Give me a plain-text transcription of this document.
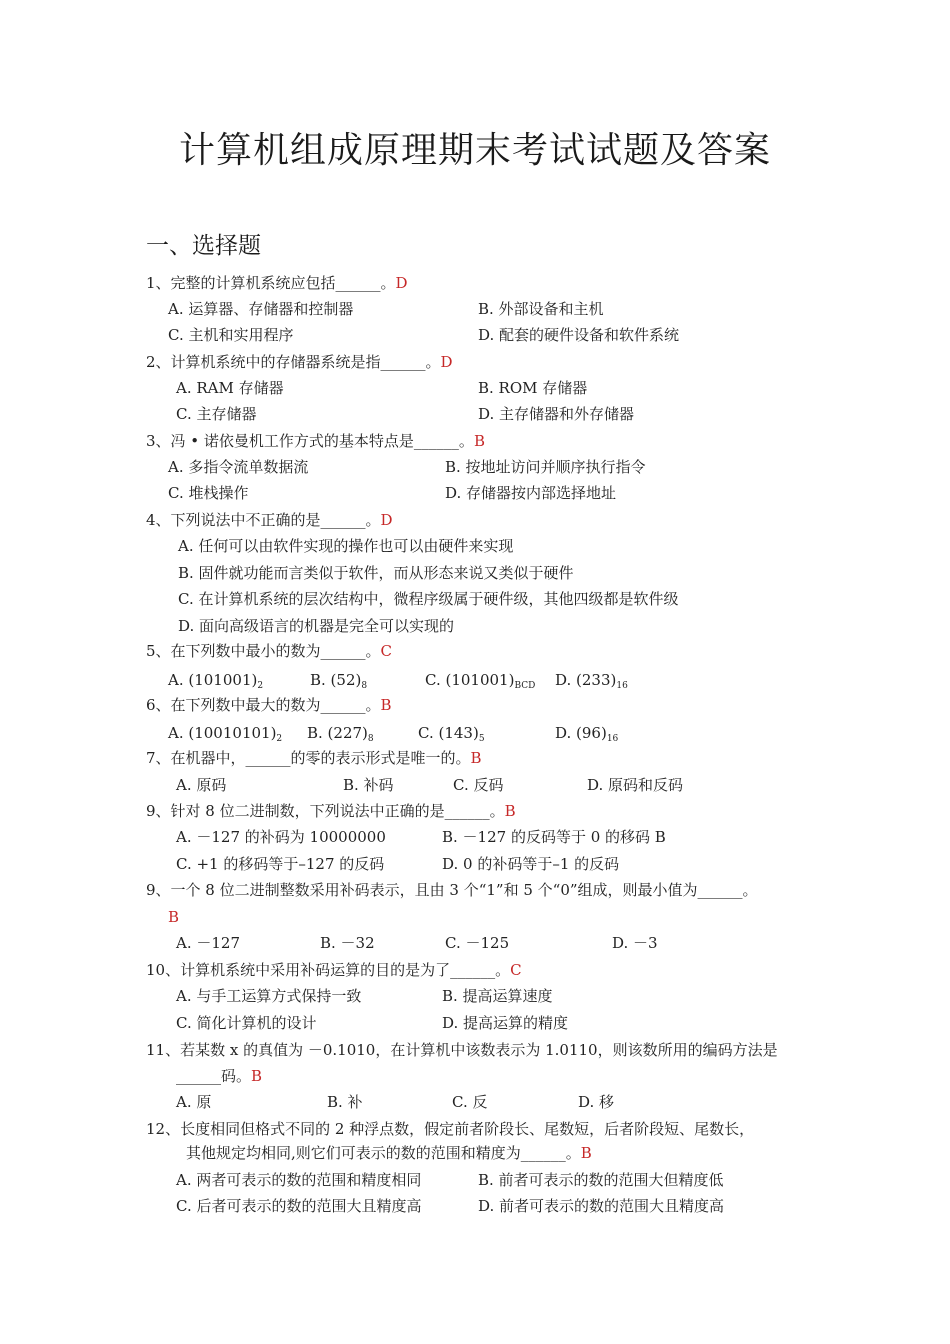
计算机组成原理期末考试试题及答案
一、选择题
1、完整的计算机系统应包括______。D
A. 运算器、存储器和控制器	B. 外部设备和主机
C. 主机和实用程序	D. 配套的硬件设备和软件系统
2、计算机系统中的存储器系统是指______。D
A. RAM 存储器	B. ROM 存储器
C. 主存储器	D. 主存储器和外存储器
3、冯 • 诺依曼机工作方式的基本特点是______。B
A. 多指令流单数据流	B. 按地址访问并顺序执行指令
C. 堆栈操作	D. 存储器按内部选择地址
4、下列说法中不正确的是______。D
A. 任何可以由软件实现的操作也可以由硬件来实现
B. 固件就功能而言类似于软件，而从形态来说又类似于硬件
C. 在计算机系统的层次结构中，微程序级属于硬件级，其他四级都是软件级
D. 面向高级语言的机器是完全可以实现的
5、在下列数中最小的数为______。C
A. $(101001)_2$	B. $(52)_8$	C. $(101001)_{BCD}$ D. $(233)_{16}$
6、在下列数中最大的数为______。B
A. $(10010101)_2$ B. $(227)_8$	C. $(143)_5$	D. $(96)_{16}$
7、在机器中，______的零的表示形式是唯一的。B
A. 原码	B. 补码	C. 反码	D. 原码和反码
9、针对 8 位二进制数，下列说法中正确的是______。B
A. －127 的补码为 10000000	B. －127 的反码等于 0 的移码 B
C. +1 的移码等于–127 的反码	D. 0 的补码等于–1 的反码
9、一个 8 位二进制整数采用补码表示，且由 3 个“1”和 5 个“0”组成，则最小值为______。
B
A. －127	B. －32	C. －125	D. －3
10、计算机系统中采用补码运算的目的是为了______。C
A. 与手工运算方式保持一致	B. 提高运算速度
C. 简化计算机的设计	D. 提高运算的精度
11、若某数 x 的真值为 －0.1010，在计算机中该数表示为 1.0110，则该数所用的编码方法是
______码。B
A. 原	B. 补	C. 反	D. 移
12、长度相同但格式不同的 2 种浮点数，假定前者阶段长、尾数短，后者阶段短、尾数长，
其他规定均相同,则它们可表示的数的范围和精度为______。B
A. 两者可表示的数的范围和精度相同	B. 前者可表示的数的范围大但精度低
C. 后者可表示的数的范围大且精度高	D. 前者可表示的数的范围大且精度高
